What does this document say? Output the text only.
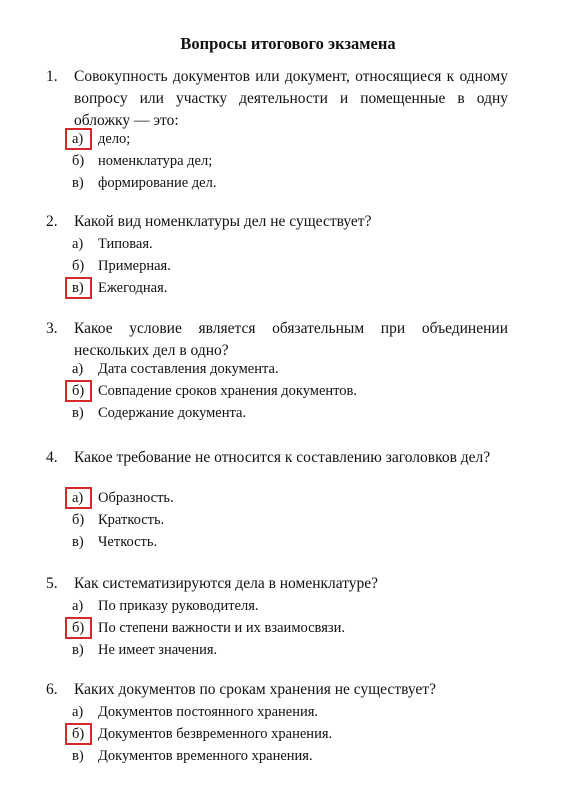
Вопросы итогового экзамена
1. Совокупность документов или документ, относящиеся к одному вопросу или участку деятельности и помещенные в одну обложку — это:
а) дело;
б) номенклатура дел;
в) формирование дел.
2. Какой вид номенклатуры дел не существует?
а) Типовая.
б) Примерная.
в) Ежегодная.
3. Какое условие является обязательным при объединении нескольких дел в одно?
а) Дата составления документа.
б) Совпадение сроков хранения документов.
в) Содержание документа.
4. Какое требование не относится к составлению заголовков дел?
а) Образность.
б) Краткость.
в) Четкость.
5. Как систематизируются дела в номенклатуре?
а) По приказу руководителя.
б) По степени важности и их взаимосвязи.
в) Не имеет значения.
6. Каких документов по срокам хранения не существует?
а) Документов постоянного хранения.
б) Документов безвременного хранения.
в) Документов временного хранения.
